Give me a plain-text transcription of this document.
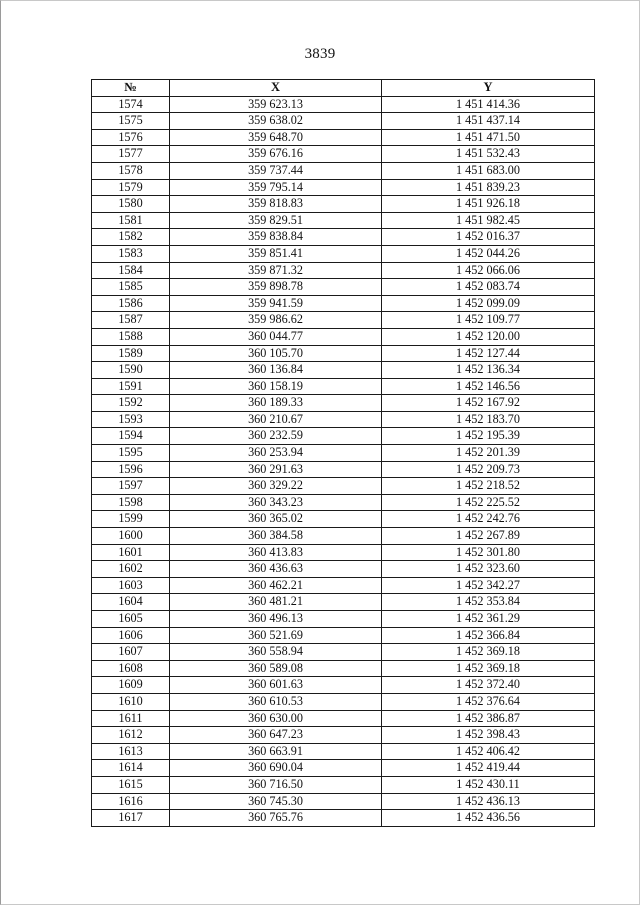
3839
№	X	Y
1574	359 623.13	1 451 414.36
1575	359 638.02	1 451 437.14
1576	359 648.70	1 451 471.50
1577	359 676.16	1 451 532.43
1578	359 737.44	1 451 683.00
1579	359 795.14	1 451 839.23
1580	359 818.83	1 451 926.18
1581	359 829.51	1 451 982.45
1582	359 838.84	1 452 016.37
1583	359 851.41	1 452 044.26
1584	359 871.32	1 452 066.06
1585	359 898.78	1 452 083.74
1586	359 941.59	1 452 099.09
1587	359 986.62	1 452 109.77
1588	360 044.77	1 452 120.00
1589	360 105.70	1 452 127.44
1590	360 136.84	1 452 136.34
1591	360 158.19	1 452 146.56
1592	360 189.33	1 452 167.92
1593	360 210.67	1 452 183.70
1594	360 232.59	1 452 195.39
1595	360 253.94	1 452 201.39
1596	360 291.63	1 452 209.73
1597	360 329.22	1 452 218.52
1598	360 343.23	1 452 225.52
1599	360 365.02	1 452 242.76
1600	360 384.58	1 452 267.89
1601	360 413.83	1 452 301.80
1602	360 436.63	1 452 323.60
1603	360 462.21	1 452 342.27
1604	360 481.21	1 452 353.84
1605	360 496.13	1 452 361.29
1606	360 521.69	1 452 366.84
1607	360 558.94	1 452 369.18
1608	360 589.08	1 452 369.18
1609	360 601.63	1 452 372.40
1610	360 610.53	1 452 376.64
1611	360 630.00	1 452 386.87
1612	360 647.23	1 452 398.43
1613	360 663.91	1 452 406.42
1614	360 690.04	1 452 419.44
1615	360 716.50	1 452 430.11
1616	360 745.30	1 452 436.13
1617	360 765.76	1 452 436.56
